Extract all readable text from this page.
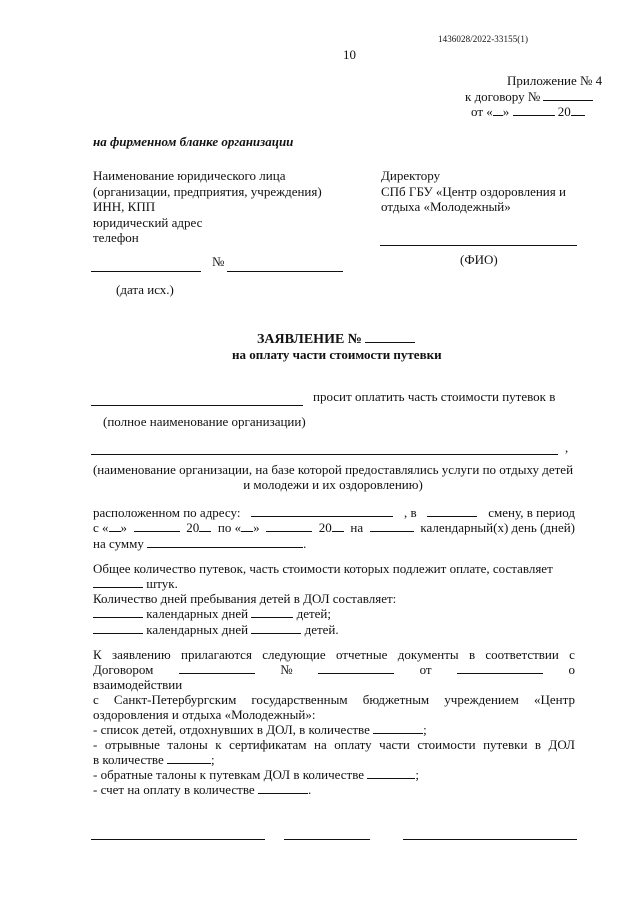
1436028/2022-33155(1)
10
Приложение № 4
к договору №
от « »	20
на фирменном бланке организации
Наименование юридического лица
(организации, предприятия, учреждения)
ИНН, КПП
юридический адрес
телефон
Директору
СПб ГБУ «Центр оздоровления и
отдыха «Молодежный»
(ФИО)
№
(дата исх.)
ЗАЯВЛЕНИЕ №
на оплату части стоимости путевки
просит оплатить часть стоимости путевок в
(полное наименование организации)
,
(наименование организации, на базе которой предоставлялись услуги по отдыху детей
и молодежи и их оздоровлению)
расположенном по адресу:	, в	смену, в период
с « »	20	по « »	20	на	календарный(х) день (дней)
на сумму	.
Общее количество путевок, часть стоимости которых подлежит оплате, составляет
штук.
Количество дней пребывания детей в ДОЛ составляет:
календарных дней	детей;
календарных дней	детей.
К заявлению прилагаются следующие отчетные документы в соответствии с
Договором	№	от	о
взаимодействии
с Санкт-Петербургским государственным бюджетным учреждением «Центр
оздоровления и отдыха «Молодежный»:
- список детей, отдохнувших в ДОЛ, в количестве	;
- отрывные талоны к сертификатам на оплату части стоимости путевки в ДОЛ
в количестве	;
- обратные талоны к путевкам ДОЛ в количестве	;
- счет на оплату в количестве	.
